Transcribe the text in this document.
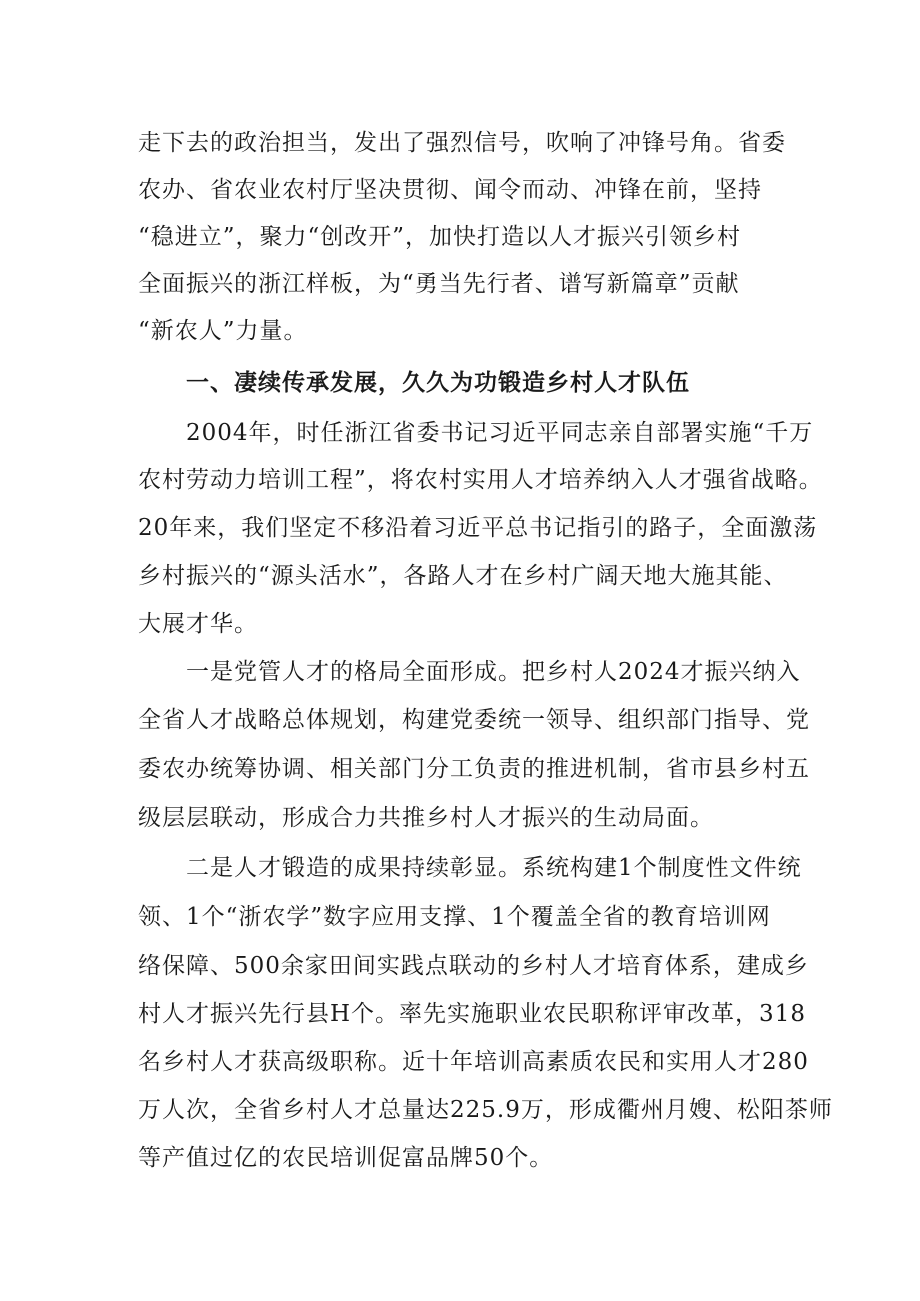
走下去的政治担当，发出了强烈信号，吹响了冲锋号角。省委
农办、省农业农村厅坚决贯彻、闻令而动、冲锋在前，坚持
“稳进立”，聚力“创改开”，加快打造以人才振兴引领乡村
全面振兴的浙江样板，为“勇当先行者、谱写新篇章”贡献
“新农人”力量。
一、凄续传承发展，久久为功锻造乡村人才队伍
2004年，时任浙江省委书记习近平同志亲自部署实施“千万
农村劳动力培训工程”，将农村实用人才培养纳入人才强省战略。
20年来，我们坚定不移沿着习近平总书记指引的路子，全面激荡
乡村振兴的“源头活水”，各路人才在乡村广阔天地大施其能、
大展才华。
一是党管人才的格局全面形成。把乡村人2024才振兴纳入
全省人才战略总体规划，构建党委统一领导、组织部门指导、党
委农办统筹协调、相关部门分工负责的推进机制，省市县乡村五
级层层联动，形成合力共推乡村人才振兴的生动局面。
二是人才锻造的成果持续彰显。系统构建1个制度性文件统
领、1个“浙农学”数字应用支撑、1个覆盖全省的教育培训网
络保障、500余家田间实践点联动的乡村人才培育体系，建成乡
村人才振兴先行县H个。率先实施职业农民职称评审改革，318
名乡村人才获高级职称。近十年培训高素质农民和实用人才280
万人次，全省乡村人才总量达225.9万，形成衢州月嫂、松阳茶师
等产值过亿的农民培训促富品牌50个。
